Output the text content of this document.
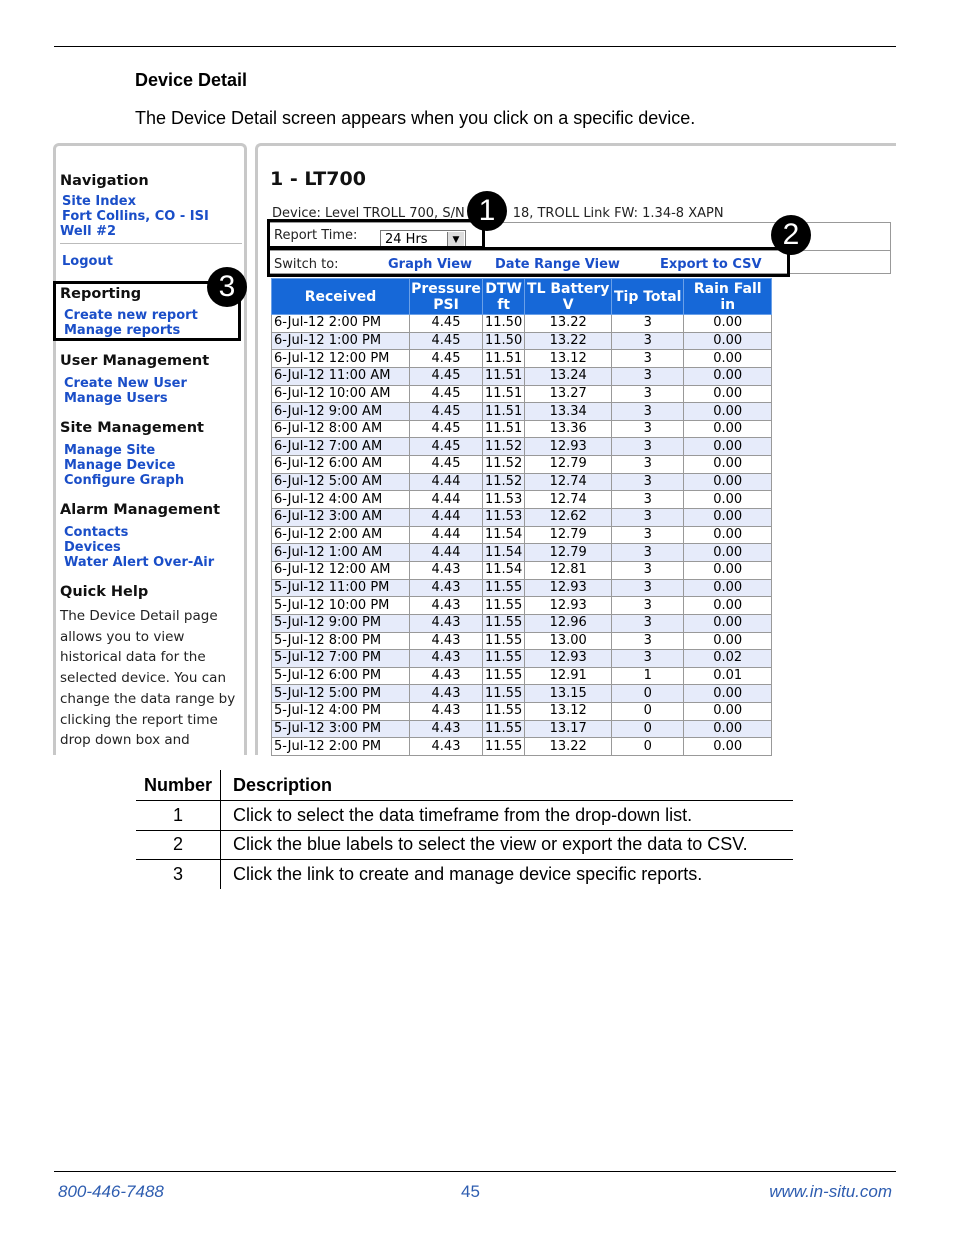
Device Detail
The Device Detail screen appears when you click on a specific device.
Navigation
Site Index
Fort Collins, CO - ISI
Well #2
Logout
Reporting
Create new report
Manage reports
User Management
Create New User
Manage Users
Site Management
Manage Site
Manage Device
Configure Graph
Alarm Management
Contacts
Devices
Water Alert Over-Air
Quick Help
The Device Detail page allows you to view historical data for the selected device. You can change the data range by clicking the report time drop down box and
1 - LT700
Device: Level TROLL 700, S/N	18, TROLL Link FW: 1.34-8 XAPN
Report Time:	24 Hrs	▼
Switch to:	Graph View Date Range View	Export to CSV
Received	Pressure PSI	DTW ft	TL Battery V	Tip Total	Rain Fall in
6-Jul-12 2:00 PM	4.45	11.50	13.22	3	0.00
6-Jul-12 1:00 PM	4.45	11.50	13.22	3	0.00
6-Jul-12 12:00 PM	4.45	11.51	13.12	3	0.00
6-Jul-12 11:00 AM	4.45	11.51	13.24	3	0.00
6-Jul-12 10:00 AM	4.45	11.51	13.27	3	0.00
6-Jul-12 9:00 AM	4.45	11.51	13.34	3	0.00
6-Jul-12 8:00 AM	4.45	11.51	13.36	3	0.00
6-Jul-12 7:00 AM	4.45	11.52	12.93	3	0.00
6-Jul-12 6:00 AM	4.45	11.52	12.79	3	0.00
6-Jul-12 5:00 AM	4.44	11.52	12.74	3	0.00
6-Jul-12 4:00 AM	4.44	11.53	12.74	3	0.00
6-Jul-12 3:00 AM	4.44	11.53	12.62	3	0.00
6-Jul-12 2:00 AM	4.44	11.54	12.79	3	0.00
6-Jul-12 1:00 AM	4.44	11.54	12.79	3	0.00
6-Jul-12 12:00 AM	4.43	11.54	12.81	3	0.00
5-Jul-12 11:00 PM	4.43	11.55	12.93	3	0.00
5-Jul-12 10:00 PM	4.43	11.55	12.93	3	0.00
5-Jul-12 9:00 PM	4.43	11.55	12.96	3	0.00
5-Jul-12 8:00 PM	4.43	11.55	13.00	3	0.00
5-Jul-12 7:00 PM	4.43	11.55	12.93	3	0.02
5-Jul-12 6:00 PM	4.43	11.55	12.91	1	0.01
5-Jul-12 5:00 PM	4.43	11.55	13.15	0	0.00
5-Jul-12 4:00 PM	4.43	11.55	13.12	0	0.00
5-Jul-12 3:00 PM	4.43	11.55	13.17	0	0.00
5-Jul-12 2:00 PM	4.43	11.55	13.22	0	0.00
1
2
3
Number	Description
1	Click to select the data timeframe from the drop-down list.
2	Click the blue labels to select the view or export the data to CSV.
3	Click the link to create and manage device specific reports.
800-446-7488	45	www.in-situ.com
